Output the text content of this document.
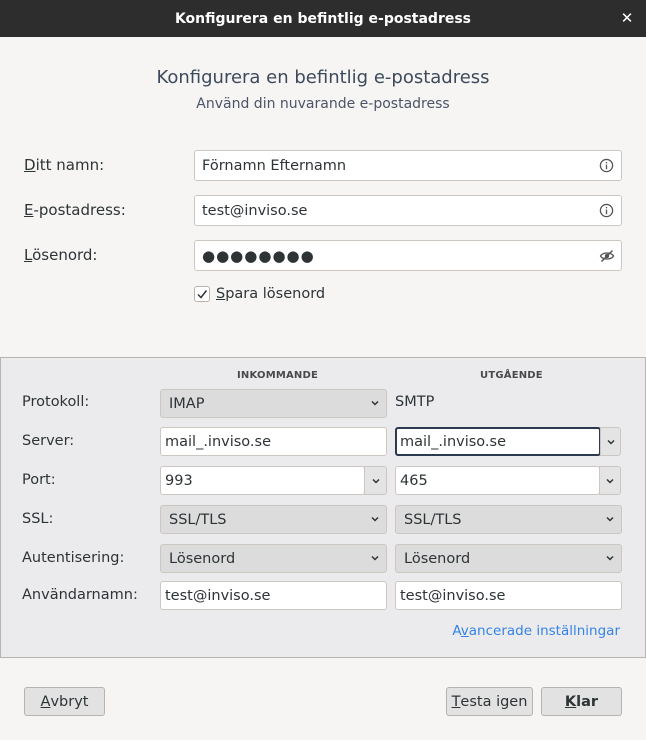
Konfigurera en befintlig e-postadress	✕
Konfigurera en befintlig e-postadress
Använd din nuvarande e-postadress
Ditt namn:	Förnamn Efternamn
E-postadress:	test@inviso.se
Lösenord:	●●●●●●●●
Spara lösenord
INKOMMANDE	UTGÅENDE
Protokoll:	IMAP	SMTP
Server:	mail_.inviso.se	mail_.inviso.se
Port:	993	465
SSL:	SSL/TLS	SSL/TLS
Autentisering:	Lösenord	Lösenord
Användarnamn: test@inviso.se	test@inviso.se
Avancerade inställningar
A vbryt	T esta igen	K lar
